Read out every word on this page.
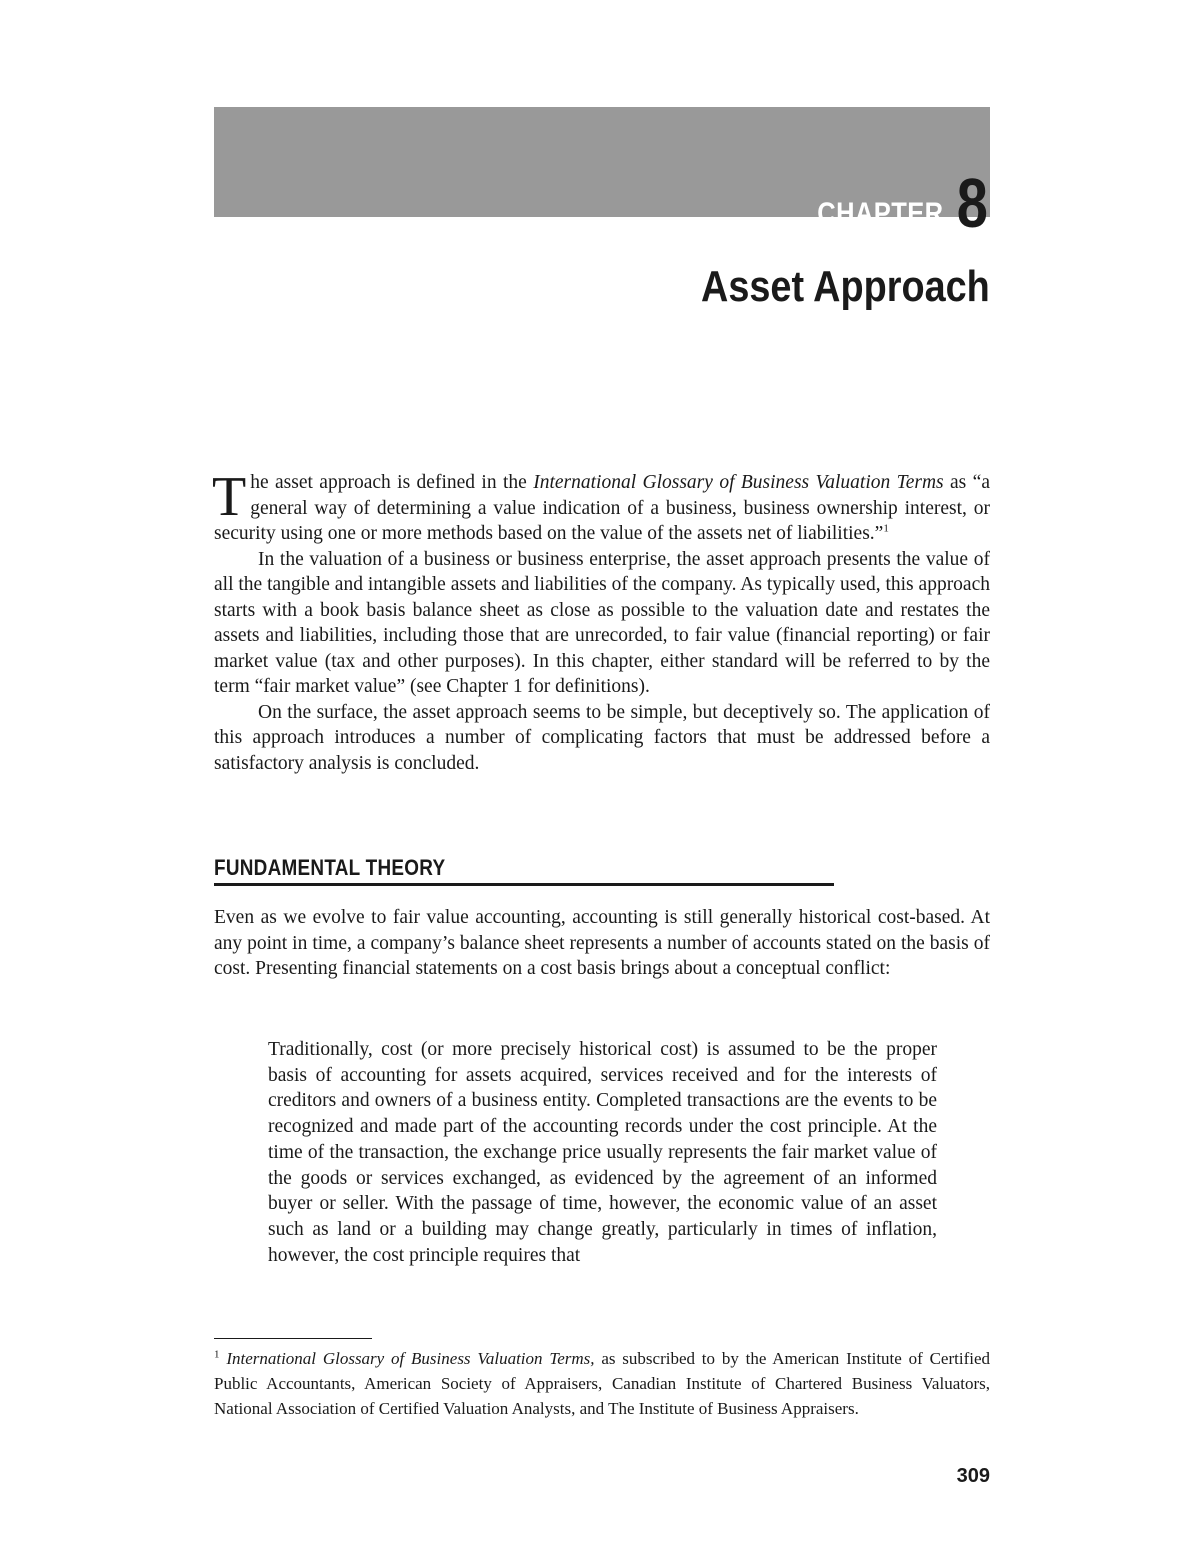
CHAPTER 8
Asset Approach

The asset approach is defined in the International Glossary of Business Valuation Terms as “a general way of determining a value indication of a business, business ownership interest, or security using one or more methods based on the value of the assets net of liabilities.”$^1$

In the valuation of a business or business enterprise, the asset approach presents the value of all the tangible and intangible assets and liabilities of the company. As typically used, this approach starts with a book basis balance sheet as close as possible to the valuation date and restates the assets and liabilities, including those that are unrecorded, to fair value (financial reporting) or fair market value (tax and other purposes). In this chapter, either standard will be referred to by the term “fair market value” (see Chapter 1 for definitions).

On the surface, the asset approach seems to be simple, but deceptively so. The application of this approach introduces a number of complicating factors that must be addressed before a satisfactory analysis is concluded.

FUNDAMENTAL THEORY
Even as we evolve to fair value accounting, accounting is still generally historical cost-based. At any point in time, a company’s balance sheet represents a number of accounts stated on the basis of cost. Presenting financial statements on a cost basis brings about a conceptual conflict:
Traditionally, cost (or more precisely historical cost) is assumed to be the proper basis of accounting for assets acquired, services received and for the interests of creditors and owners of a business entity. Completed transactions are the events to be recognized and made part of the accounting records under the cost principle. At the time of the transaction, the exchange price usually represents the fair market value of the goods or services exchanged, as evidenced by the agreement of an informed buyer or seller. With the passage of time, however, the economic value of an asset such as land or a building may change greatly, particularly in times of inflation, however, the cost principle requires that
$^1$ International Glossary of Business Valuation Terms, as subscribed to by the American Institute of Certified Public Accountants, American Society of Appraisers, Canadian Institute of Chartered Business Valuators, National Association of Certified Valuation Analysts, and The Institute of Business Appraisers.
309
